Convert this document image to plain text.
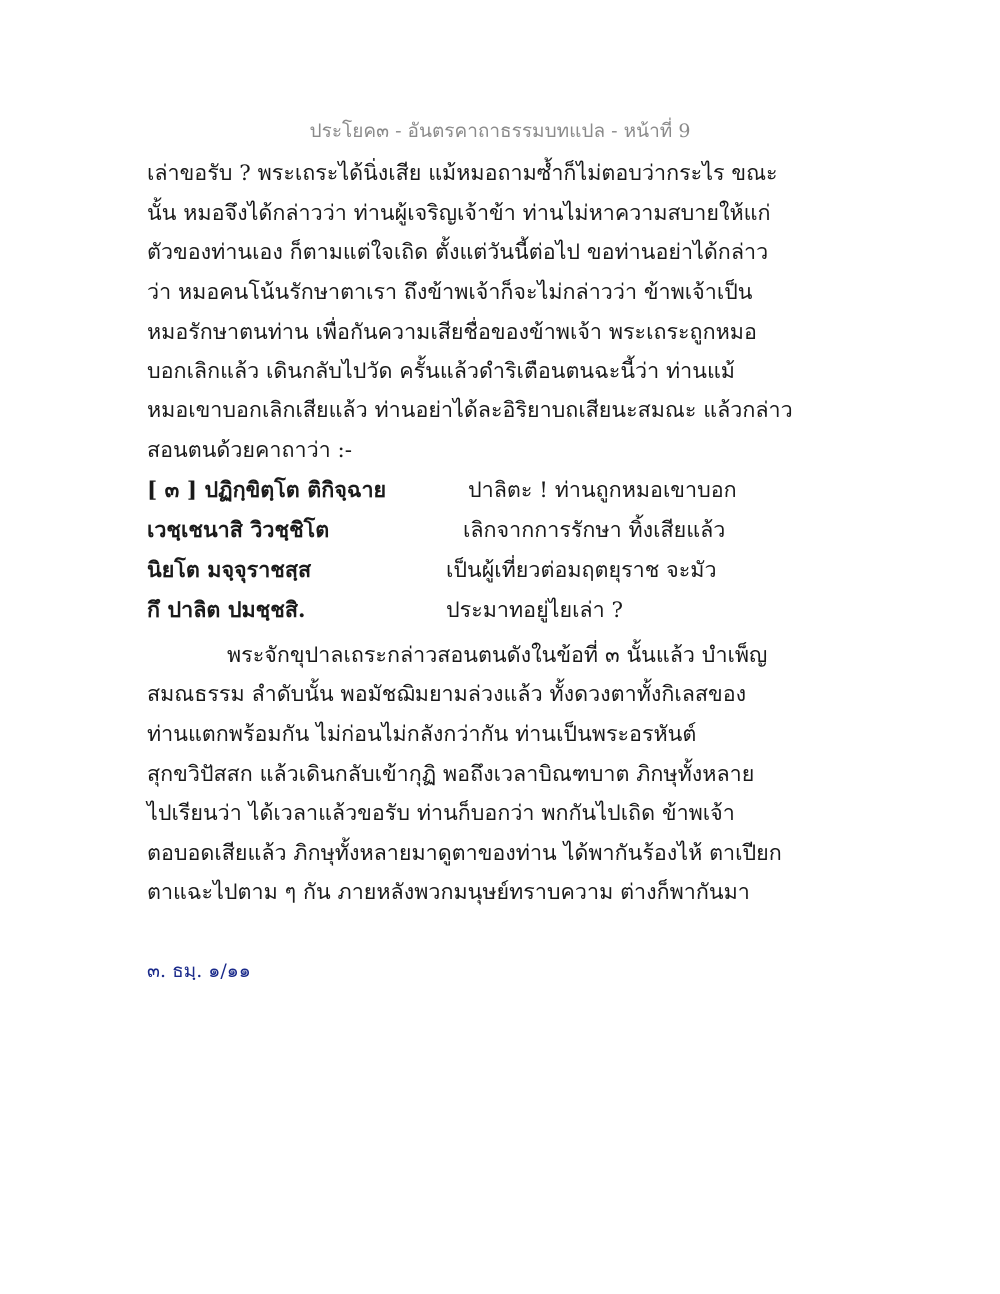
ประโยค๓ - อันตรคาถาธรรมบทแปล - หน้าที่ 9
เล่าขอรับ ? พระเถระได้นิ่งเสีย แม้หมอถามซ้ำก็ไม่ตอบว่ากระไร ขณะ
นั้น หมอจึงได้กล่าวว่า ท่านผู้เจริญเจ้าข้า ท่านไม่หาความสบายให้แก่
ตัวของท่านเอง ก็ตามแต่ใจเถิด ตั้งแต่วันนี้ต่อไป ขอท่านอย่าได้กล่าว
ว่า หมอคนโน้นรักษาตาเรา ถึงข้าพเจ้าก็จะไม่กล่าวว่า ข้าพเจ้าเป็น
หมอรักษาตนท่าน เพื่อกันความเสียชื่อของข้าพเจ้า พระเถระถูกหมอ
บอกเลิกแล้ว เดินกลับไปวัด ครั้นแล้วดำริเตือนตนฉะนี้ว่า ท่านแม้
หมอเขาบอกเลิกเสียแล้ว ท่านอย่าได้ละอิริยาบถเสียนะสมณะ แล้วกล่าว
สอนตนด้วยคาถาว่า :-
[ ๓ ] ปฏิกฺขิตฺโต ติกิจฺฉาย	ปาลิตะ ! ท่านถูกหมอเขาบอก
เวชฺเชนาสิ วิวชฺชิโต	เลิกจากการรักษา ทิ้งเสียแล้ว
นิยโต มจฺจุราชสฺส	เป็นผู้เที่ยวต่อมฤตยุราช จะมัว
กึ ปาลิต ปมชฺชสิ.	ประมาทอยู่ไยเล่า ?
พระจักขุปาลเถระกล่าวสอนตนดังในข้อที่ ๓ นั้นแล้ว บำเพ็ญ
สมณธรรม ลำดับนั้น พอมัชฌิมยามล่วงแล้ว ทั้งดวงตาทั้งกิเลสของ
ท่านแตกพร้อมกัน ไม่ก่อนไม่กลังกว่ากัน ท่านเป็นพระอรหันต์
สุกขวิปัสสก แล้วเดินกลับเข้ากุฏิ พอถึงเวลาบิณฑบาต ภิกษุทั้งหลาย
ไปเรียนว่า ได้เวลาแล้วขอรับ ท่านก็บอกว่า พกกันไปเถิด ข้าพเจ้า
ตอบอดเสียแล้ว ภิกษุทั้งหลายมาดูตาของท่าน ได้พากันร้องไห้ ตาเปียก
ตาแฉะไปตาม ๆ กัน ภายหลังพวกมนุษย์ทราบความ ต่างก็พากันมา
๓. ธมฺ. ๑/๑๑
